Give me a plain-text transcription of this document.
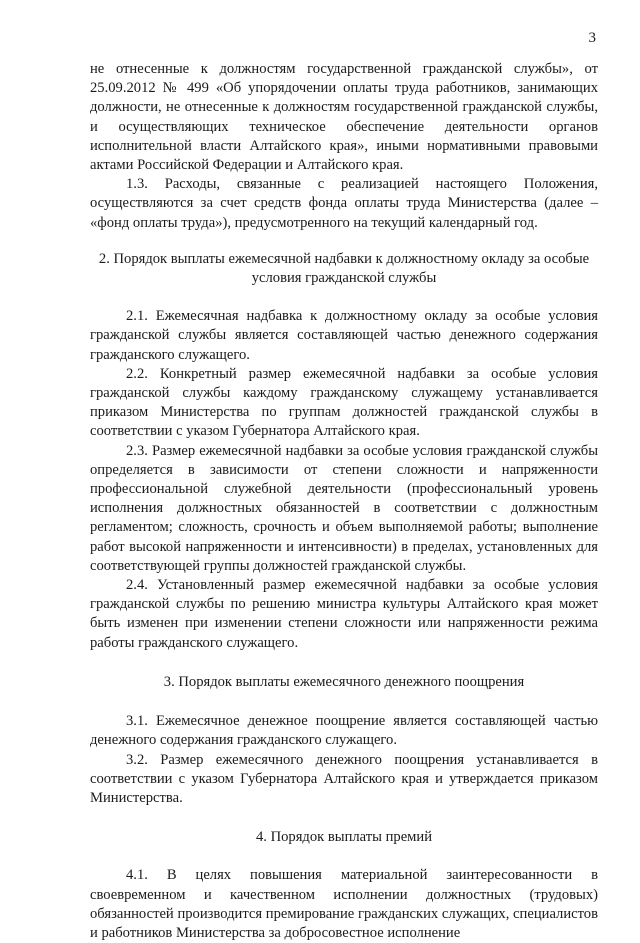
3

не отнесенные к должностям государственной гражданской службы», от 25.09.2012 № 499 «Об упорядочении оплаты труда работников, занимающих должности, не отнесенные к должностям государственной гражданской службы, и осуществляющих техническое обеспечение деятельности органов исполнительной власти Алтайского края», иными нормативными правовыми актами Российской Федерации и Алтайского края.

1.3. Расходы, связанные с реализацией настоящего Положения, осуществляются за счет средств фонда оплаты труда Министерства (далее – «фонд оплаты труда»), предусмотренного на текущий календарный год.

2. Порядок выплаты ежемесячной надбавки к должностному окладу за особые условия гражданской службы

2.1. Ежемесячная надбавка к должностному окладу за особые условия гражданской службы является составляющей частью денежного содержания гражданского служащего.

2.2. Конкретный размер ежемесячной надбавки за особые условия гражданской службы каждому гражданскому служащему устанавливается приказом Министерства по группам должностей гражданской службы в соответствии с указом Губернатора Алтайского края.

2.3. Размер ежемесячной надбавки за особые условия гражданской службы определяется в зависимости от степени сложности и напряженности профессиональной служебной деятельности (профессиональный уровень исполнения должностных обязанностей в соответствии с должностным регламентом; сложность, срочность и объем выполняемой работы; выполнение работ высокой напряженности и интенсивности) в пределах, установленных для соответствующей группы должностей гражданской службы.

2.4. Установленный размер ежемесячной надбавки за особые условия гражданской службы по решению министра культуры Алтайского края может быть изменен при изменении степени сложности или напряженности режима работы гражданского служащего.

3. Порядок выплаты ежемесячного денежного поощрения

3.1. Ежемесячное денежное поощрение является составляющей частью денежного содержания гражданского служащего.

3.2. Размер ежемесячного денежного поощрения устанавливается в соответствии с указом Губернатора Алтайского края и утверждается приказом Министерства.

4. Порядок выплаты премий

4.1. В целях повышения материальной заинтересованности в своевременном и качественном исполнении должностных (трудовых) обязанностей производится премирование гражданских служащих, специалистов и работников Министерства за добросовестное исполнение
